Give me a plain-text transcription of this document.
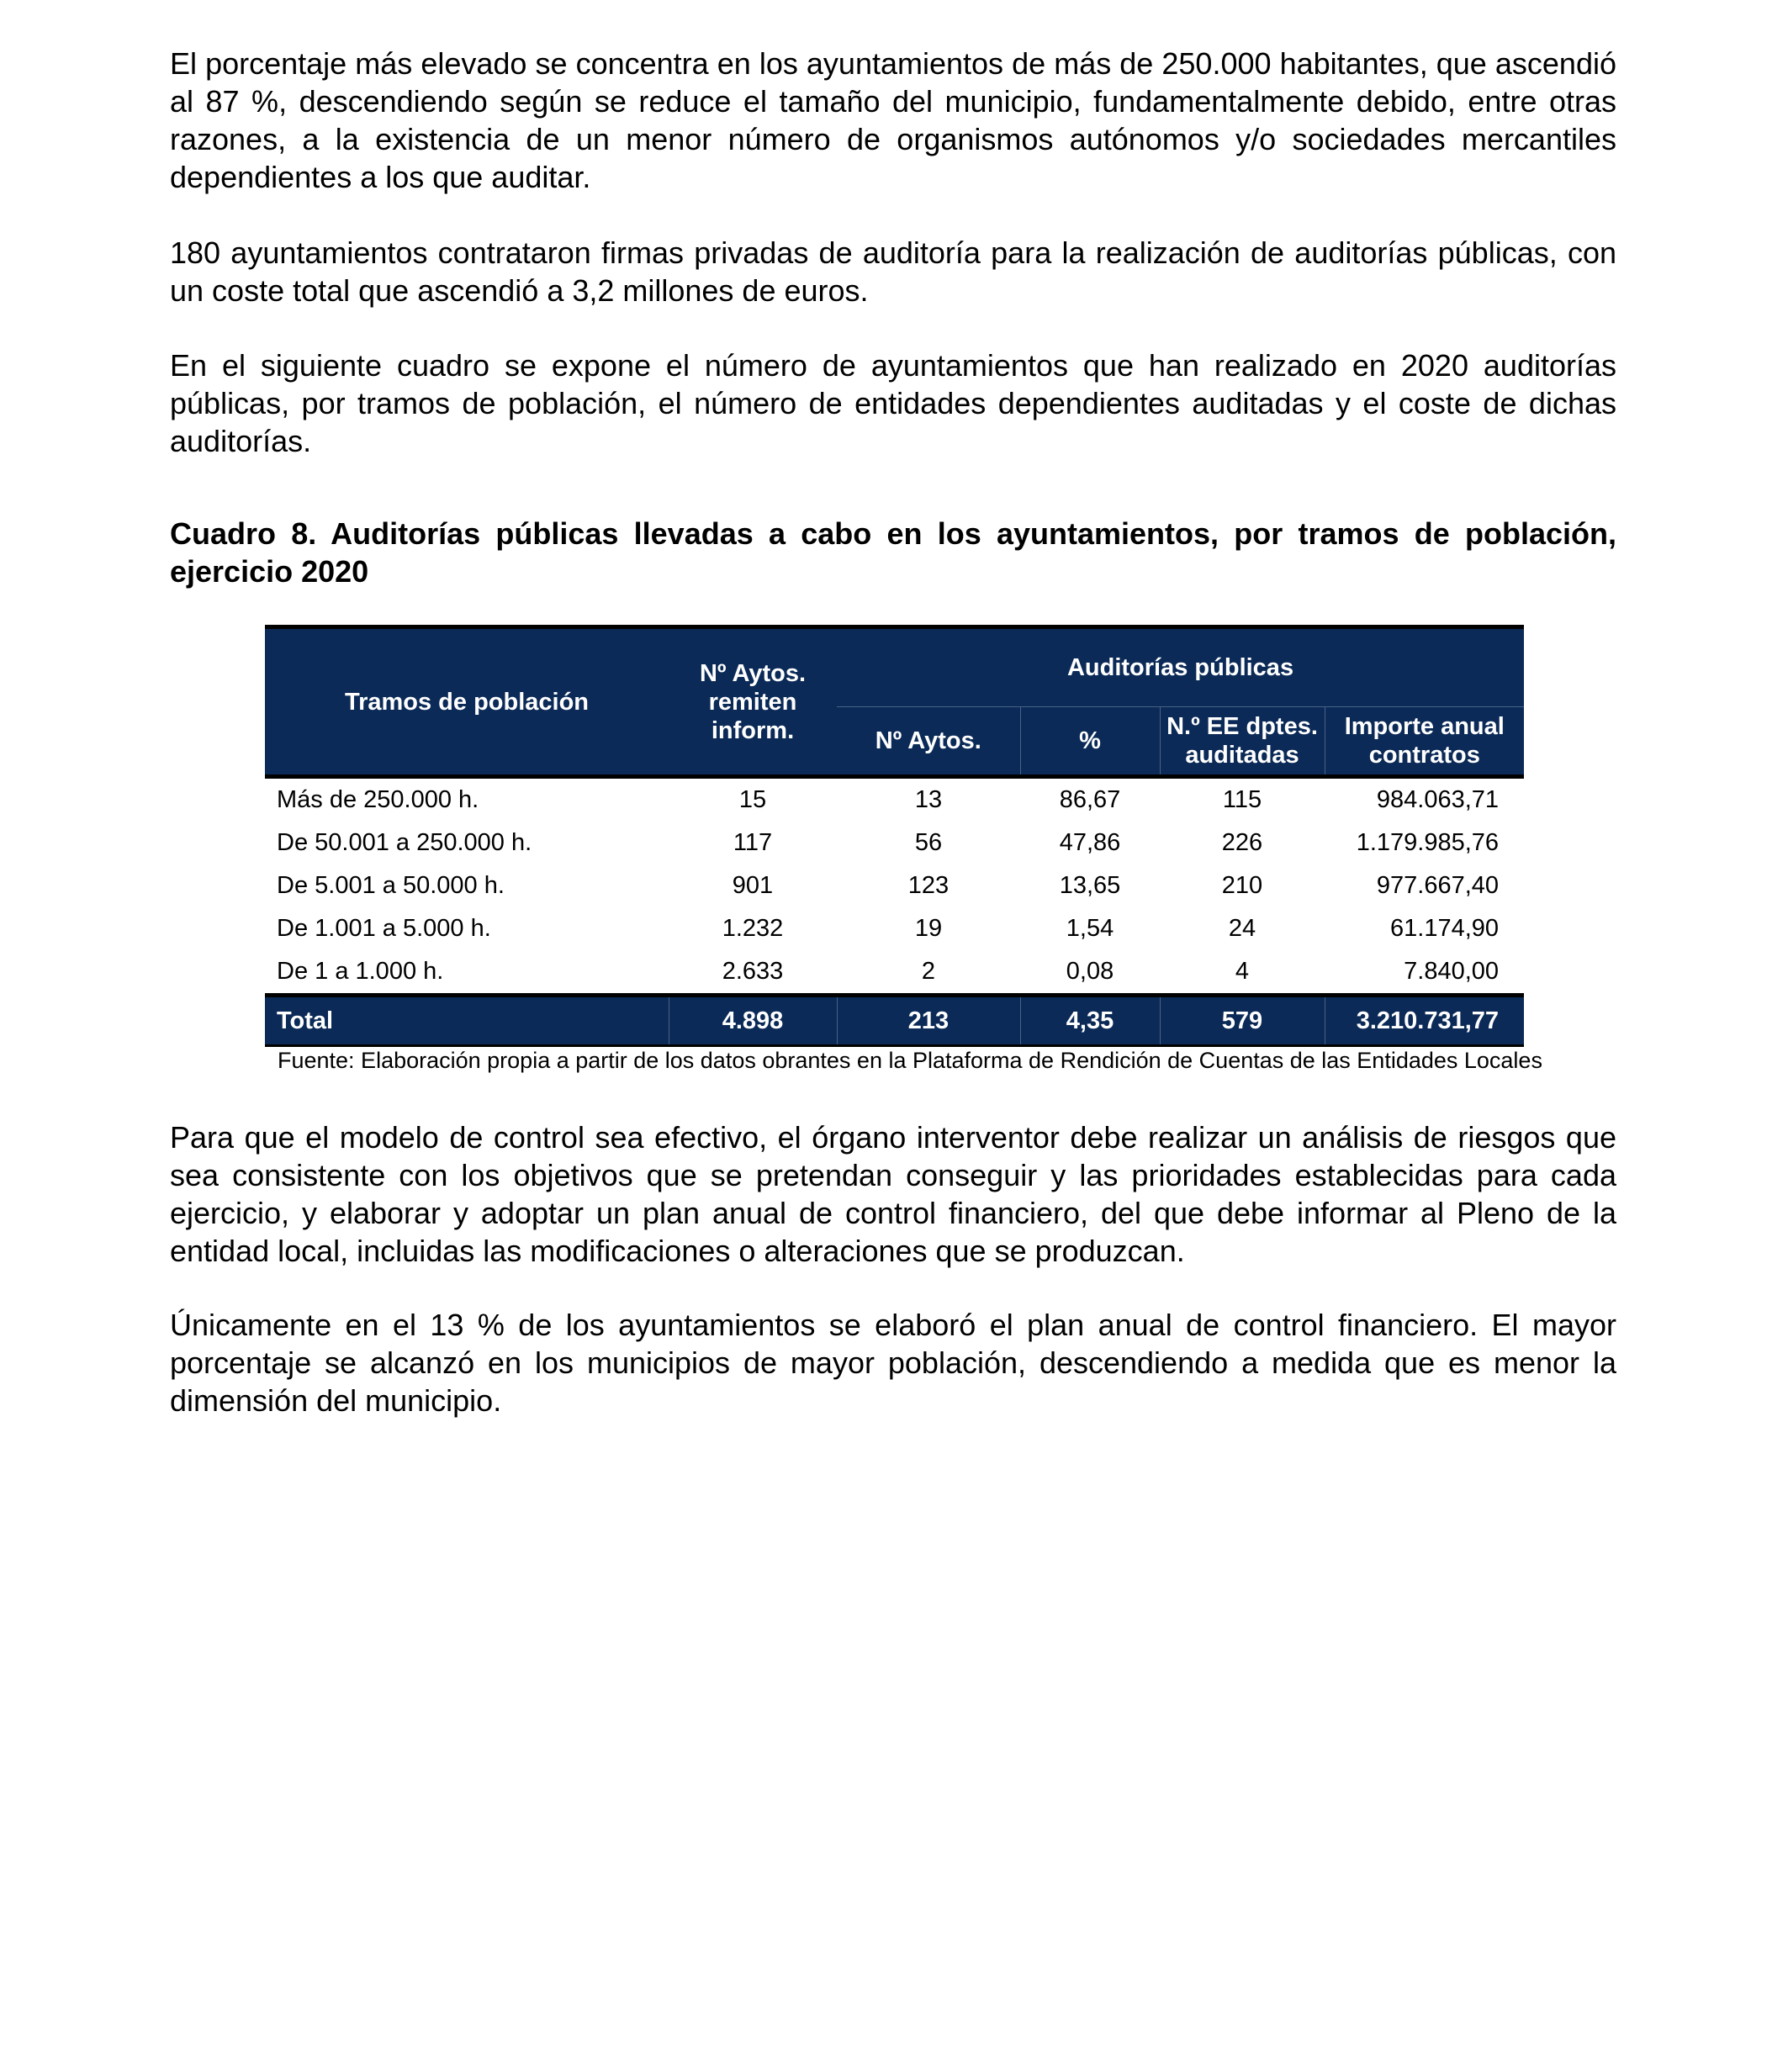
El porcentaje más elevado se concentra en los ayuntamientos de más de 250.000 habitantes, que ascendió al 87 %, descendiendo según se reduce el tamaño del municipio, fundamentalmente debido, entre otras razones, a la existencia de un menor número de organismos autónomos y/o sociedades mercantiles dependientes a los que auditar.

180 ayuntamientos contrataron firmas privadas de auditoría para la realización de auditorías públicas, con un coste total que ascendió a 3,2 millones de euros.

En el siguiente cuadro se expone el número de ayuntamientos que han realizado en 2020 auditorías públicas, por tramos de población, el número de entidades dependientes auditadas y el coste de dichas auditorías.

Cuadro 8. Auditorías públicas llevadas a cabo en los ayuntamientos, por tramos de población, ejercicio 2020

Tramos de población	Nº Aytos. remiten inform.	Auditorías públicas			
		Nº Aytos.	%	N.º EE dptes. auditadas	Importe anual contratos
Más de 250.000 h.	15	13	86,67	115	984.063,71
De 50.001 a 250.000 h.	117	56	47,86	226	1.179.985,76
De 5.001 a 50.000 h.	901	123	13,65	210	977.667,40
De 1.001 a 5.000 h.	1.232	19	1,54	24	61.174,90
De 1 a 1.000 h.	2.633	2	0,08	4	7.840,00
Total	4.898	213	4,35	579	3.210.731,77
Fuente: Elaboración propia a partir de los datos obrantes en la Plataforma de Rendición de Cuentas de las Entidades Locales

Para que el modelo de control sea efectivo, el órgano interventor debe realizar un análisis de riesgos que sea consistente con los objetivos que se pretendan conseguir y las prioridades establecidas para cada ejercicio, y elaborar y adoptar un plan anual de control financiero, del que debe informar al Pleno de la entidad local, incluidas las modificaciones o alteraciones que se produzcan.

Únicamente en el 13 % de los ayuntamientos se elaboró el plan anual de control financiero. El mayor porcentaje se alcanzó en los municipios de mayor población, descendiendo a medida que es menor la dimensión del municipio.
